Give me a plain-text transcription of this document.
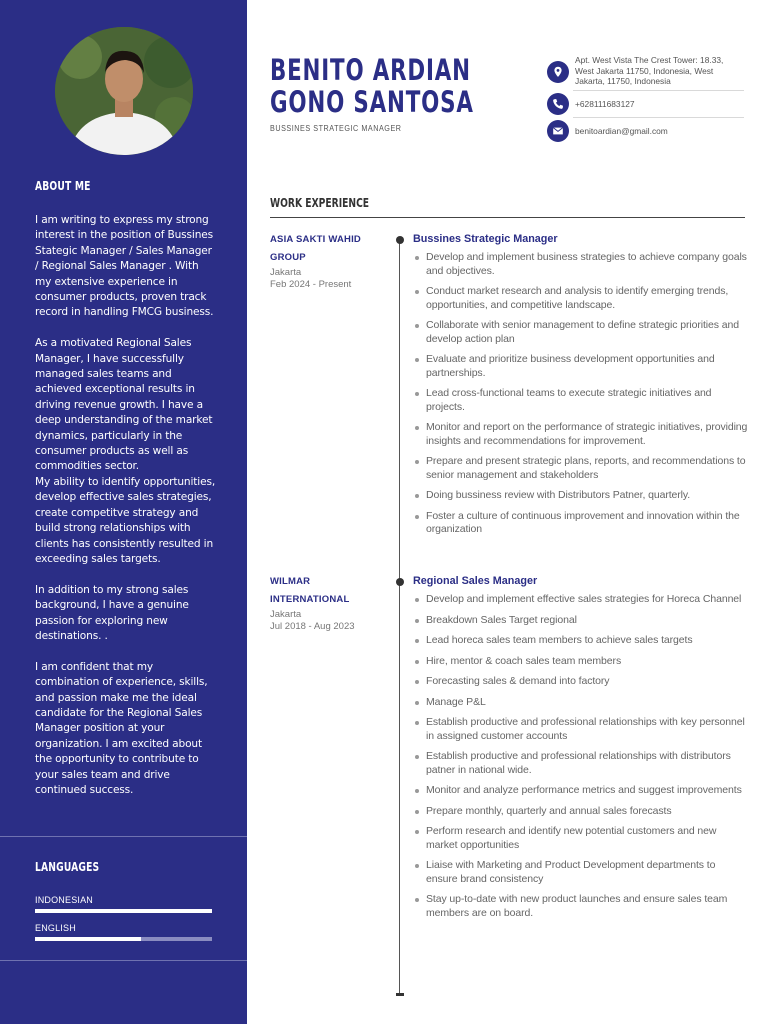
ABOUT ME

I am writing to express my strong interest in the position of Bussines Stategic Manager / Sales Manager / Regional Sales Manager . With my extensive experience in consumer products, proven track record in handling FMCG business.

As a motivated Regional Sales Manager, I have successfully managed sales teams and achieved exceptional results in driving revenue growth. I have a deep understanding of the market dynamics, particularly in the consumer products as well as commodities sector.

My ability to identify opportunities, develop effective sales strategies, create competitve strategy and build strong relationships with clients has consistently resulted in exceeding sales targets.

In addition to my strong sales background, I have a genuine passion for exploring new destinations. .

I am confident that my combination of experience, skills, and passion make me the ideal candidate for the Regional Sales Manager position at your organization. I am excited about the opportunity to contribute to your sales team and drive continued success.

LANGUAGES
INDONESIAN
ENGLISH
BENITO ARDIAN
GONO SANTOSA
BUSSINES STRATEGIC MANAGER
Apt. West Vista The Crest Tower: 18.33, West Jakarta 11750, Indonesia, West Jakarta, 11750, Indonesia
+628111683127
benitoardian@gmail.com
WORK EXPERIENCE
ASIA SAKTI WAHID
GROUP
Jakarta
Feb 2024 - Present
Bussines Strategic Manager
Develop and implement business strategies to achieve company goals and objectives.
Conduct market research and analysis to identify emerging trends, opportunities, and competitive landscape.
Collaborate with senior management to define strategic priorities and develop action plan
Evaluate and prioritize business development opportunities and partnerships.
Lead cross-functional teams to execute strategic initiatives and projects.
Monitor and report on the performance of strategic initiatives, providing insights and recommendations for improvement.
Prepare and present strategic plans, reports, and recommendations to senior management and stakeholders
Doing bussiness review with Distributors Patner, quarterly.
Foster a culture of continuous improvement and innovation within the organization
WILMAR
INTERNATIONAL
Jakarta
Jul 2018 - Aug 2023
Regional Sales Manager
Develop and implement effective sales strategies for Horeca Channel
Breakdown Sales Target regional
Lead horeca sales team members to achieve sales targets
Hire, mentor & coach sales team members
Forecasting sales & demand into factory
Manage P&L
Establish productive and professional relationships with key personnel in assigned customer accounts
Establish productive and professional relationships with distributors patner in national wide.
Monitor and analyze performance metrics and suggest improvements
Prepare monthly, quarterly and annual sales forecasts
Perform research and identify new potential customers and new market opportunities
Liaise with Marketing and Product Development departments to ensure brand consistency
Stay up-to-date with new product launches and ensure sales team members are on board.
